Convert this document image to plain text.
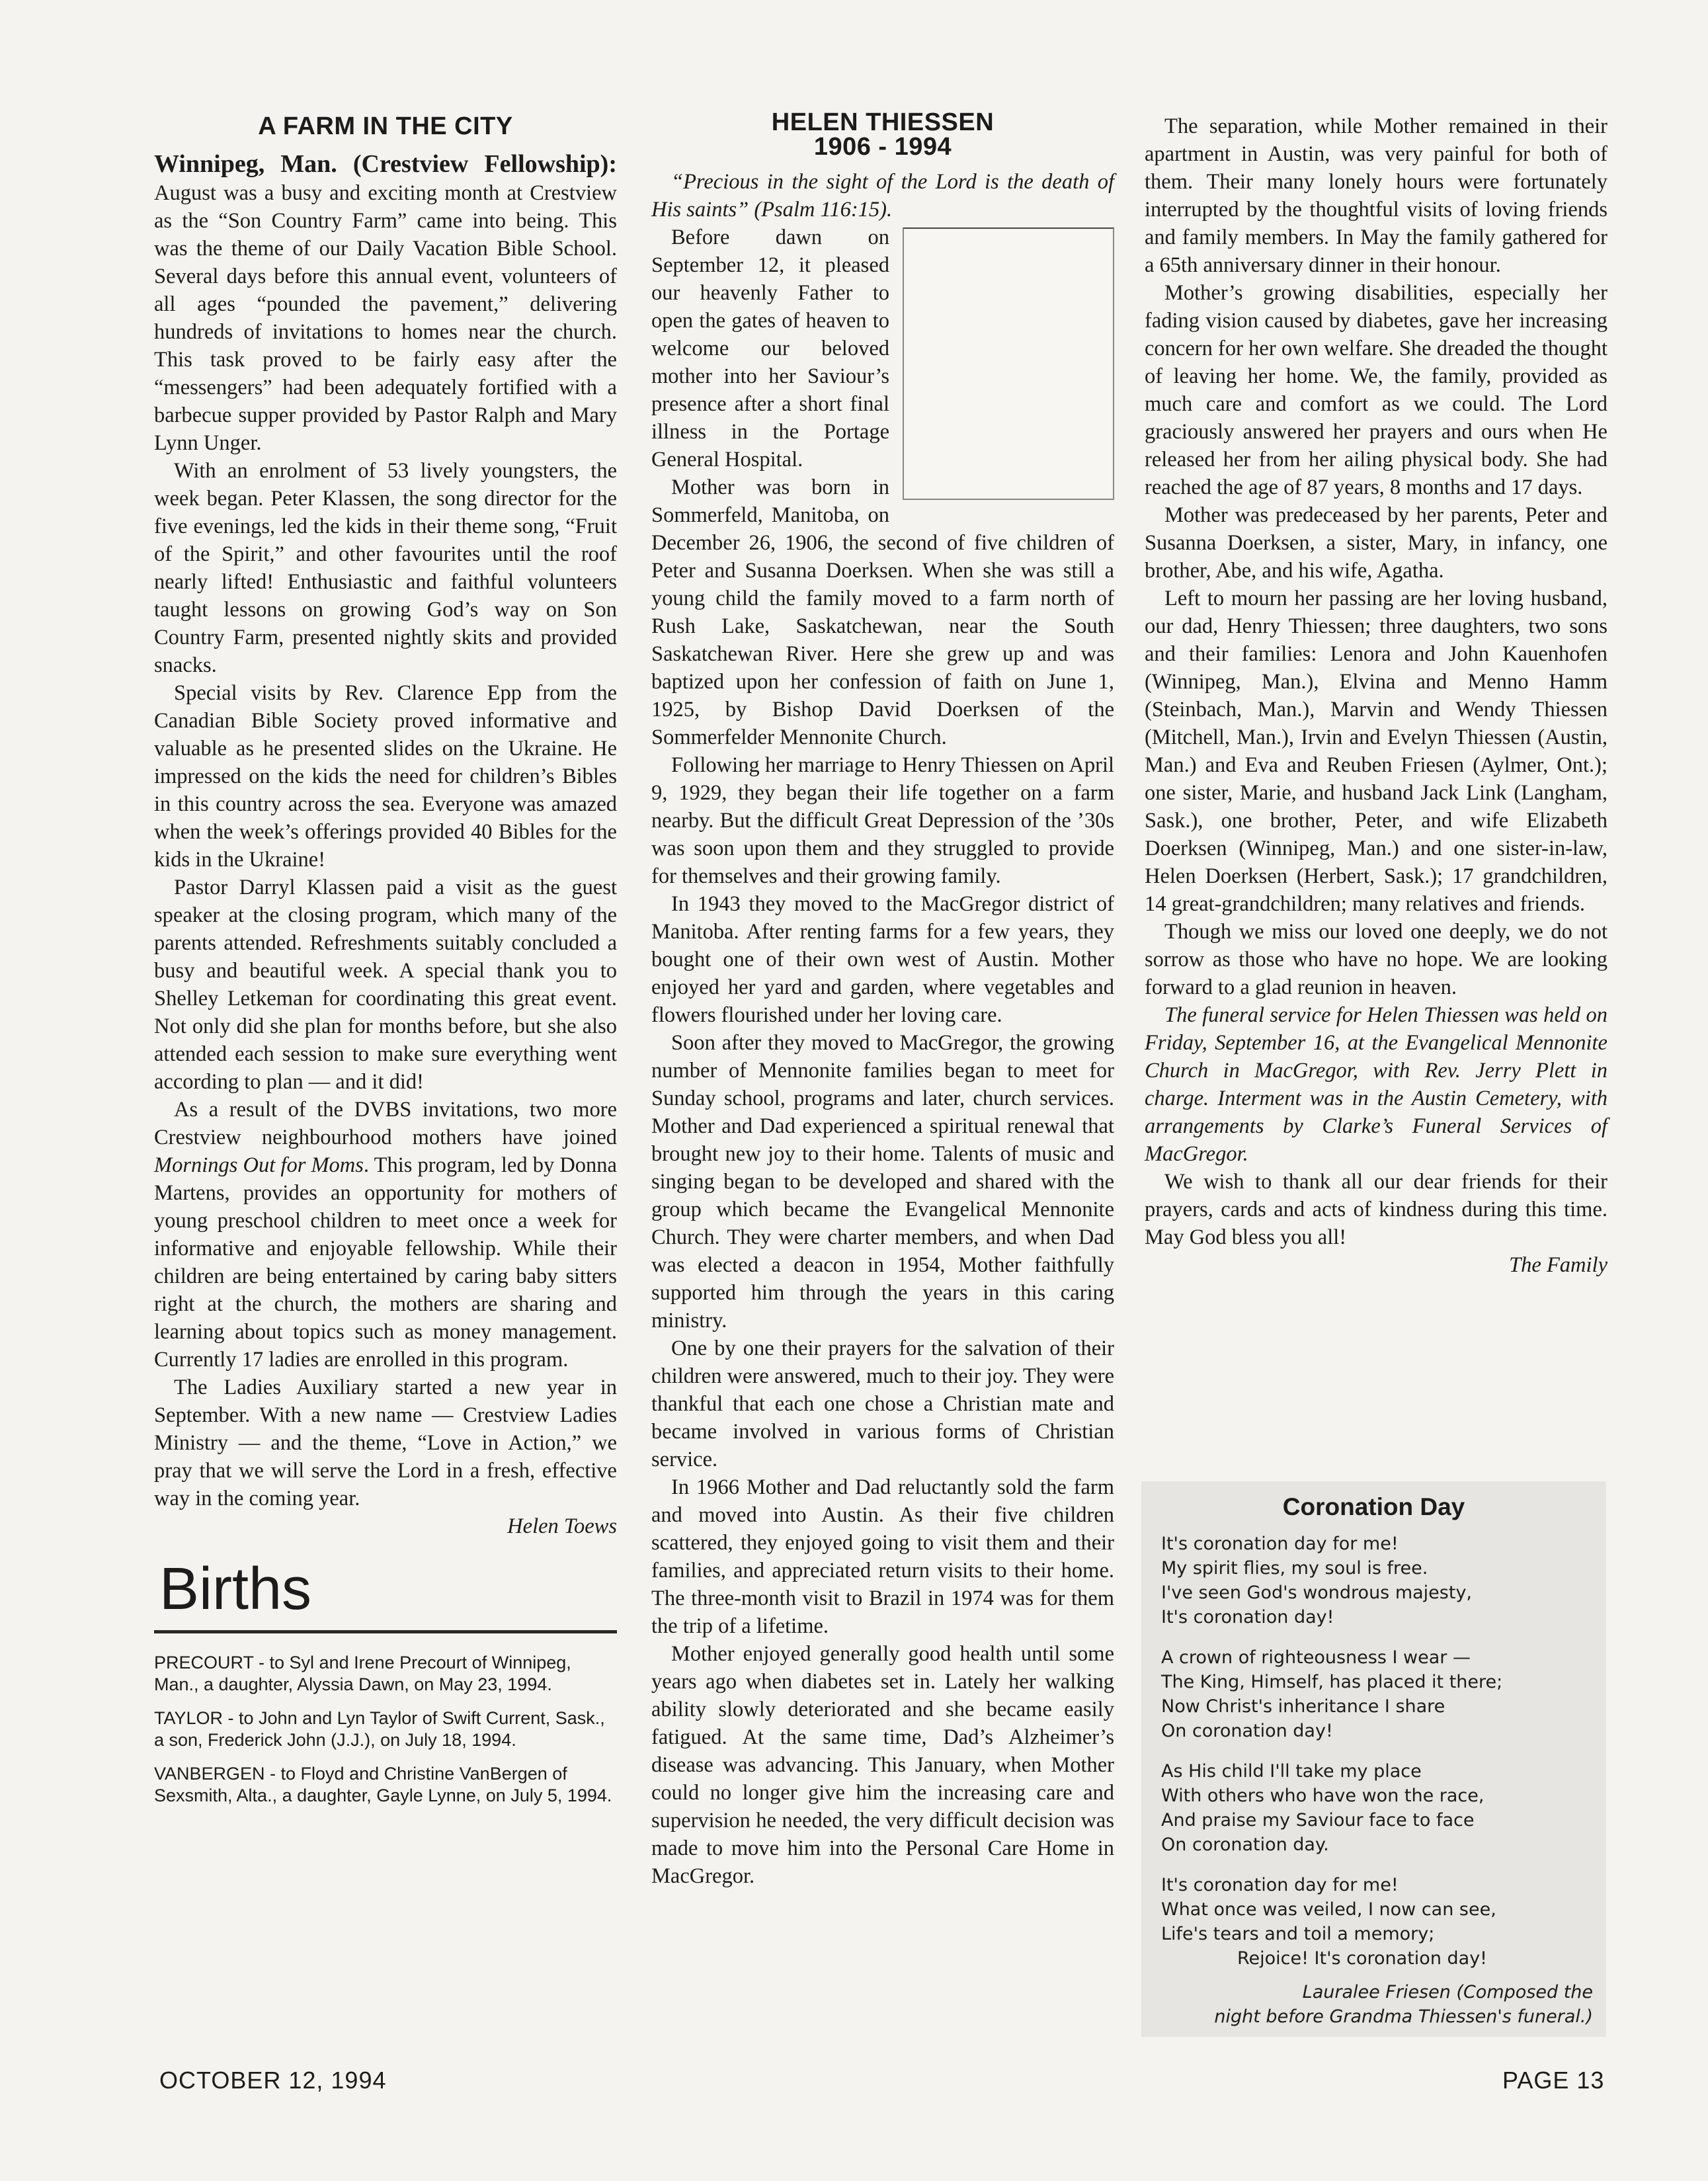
A FARM IN THE CITY

Winnipeg, Man. (Crestview Fellowship): August was a busy and exciting month at Crestview as the “Son Country Farm” came into being. This was the theme of our Daily Vacation Bible School. Several days before this annual event, volunteers of all ages “pounded the pavement,” delivering hundreds of invitations to homes near the church. This task proved to be fairly easy after the “messengers” had been adequately fortified with a barbecue supper provided by Pastor Ralph and Mary Lynn Unger.

With an enrolment of 53 lively youngsters, the week began. Peter Klassen, the song director for the five evenings, led the kids in their theme song, “Fruit of the Spirit,” and other favourites until the roof nearly lifted! Enthusiastic and faithful volunteers taught lessons on growing God’s way on Son Country Farm, presented nightly skits and provided snacks.

Special visits by Rev. Clarence Epp from the Canadian Bible Society proved informative and valuable as he presented slides on the Ukraine. He impressed on the kids the need for children’s Bibles in this country across the sea. Everyone was amazed when the week’s offerings provided 40 Bibles for the kids in the Ukraine!

Pastor Darryl Klassen paid a visit as the guest speaker at the closing program, which many of the parents attended. Refreshments suitably concluded a busy and beautiful week. A special thank you to Shelley Letkeman for coordinating this great event. Not only did she plan for months before, but she also attended each session to make sure everything went according to plan — and it did!

As a result of the DVBS invitations, two more Crestview neighbourhood mothers have joined Mornings Out for Moms. This program, led by Donna Martens, provides an opportunity for mothers of young preschool children to meet once a week for informative and enjoyable fellowship. While their children are being entertained by caring baby sitters right at the church, the mothers are sharing and learning about topics such as money management. Currently 17 ladies are enrolled in this program.

The Ladies Auxiliary started a new year in September. With a new name — Crestview Ladies Ministry — and the theme, “Love in Action,” we pray that we will serve the Lord in a fresh, effective way in the coming year.

Helen Toews

Births

PRECOURT - to Syl and Irene Precourt of Winnipeg, Man., a daughter, Alyssia Dawn, on May 23, 1994.

TAYLOR - to John and Lyn Taylor of Swift Current, Sask., a son, Frederick John (J.J.), on July 18, 1994.

VANBERGEN - to Floyd and Christine VanBergen of Sexsmith, Alta., a daughter, Gayle Lynne, on July 5, 1994.

HELEN THIESSEN
1906 - 1994

“Precious in the sight of the Lord is the death of His saints” (Psalm 116:15).

Before dawn on September 12, it pleased our heavenly Father to open the gates of heaven to welcome our beloved mother into her Saviour’s presence after a short final illness in the Portage General Hospital.

Mother was born in Sommerfeld, Manitoba, on December 26, 1906, the second of five children of Peter and Susanna Doerksen. When she was still a young child the family moved to a farm north of Rush Lake, Saskatchewan, near the South Saskatchewan River. Here she grew up and was baptized upon her confession of faith on June 1, 1925, by Bishop David Doerksen of the Sommerfelder Mennonite Church.

Following her marriage to Henry Thiessen on April 9, 1929, they began their life together on a farm nearby. But the difficult Great Depression of the ’30s was soon upon them and they struggled to provide for themselves and their growing family.

In 1943 they moved to the MacGregor district of Manitoba. After renting farms for a few years, they bought one of their own west of Austin. Mother enjoyed her yard and garden, where vegetables and flowers flourished under her loving care.

Soon after they moved to MacGregor, the growing number of Mennonite families began to meet for Sunday school, programs and later, church services. Mother and Dad experienced a spiritual renewal that brought new joy to their home. Talents of music and singing began to be developed and shared with the group which became the Evangelical Mennonite Church. They were charter members, and when Dad was elected a deacon in 1954, Mother faithfully supported him through the years in this caring ministry.

One by one their prayers for the salvation of their children were answered, much to their joy. They were thankful that each one chose a Christian mate and became involved in various forms of Christian service.

In 1966 Mother and Dad reluctantly sold the farm and moved into Austin. As their five children scattered, they enjoyed going to visit them and their families, and appreciated return visits to their home. The three-month visit to Brazil in 1974 was for them the trip of a lifetime.

Mother enjoyed generally good health until some years ago when diabetes set in. Lately her walking ability slowly deteriorated and she became easily fatigued. At the same time, Dad’s Alzheimer’s disease was advancing. This January, when Mother could no longer give him the increasing care and supervision he needed, the very difficult decision was made to move him into the Personal Care Home in MacGregor.

The separation, while Mother remained in their apartment in Austin, was very painful for both of them. Their many lonely hours were fortunately interrupted by the thoughtful visits of loving friends and family members. In May the family gathered for a 65th anniversary dinner in their honour.

Mother’s growing disabilities, especially her fading vision caused by diabetes, gave her increasing concern for her own welfare. She dreaded the thought of leaving her home. We, the family, provided as much care and comfort as we could. The Lord graciously answered her prayers and ours when He released her from her ailing physical body. She had reached the age of 87 years, 8 months and 17 days.

Mother was predeceased by her parents, Peter and Susanna Doerksen, a sister, Mary, in infancy, one brother, Abe, and his wife, Agatha.

Left to mourn her passing are her loving husband, our dad, Henry Thiessen; three daughters, two sons and their families: Lenora and John Kauenhofen (Winnipeg, Man.), Elvina and Menno Hamm (Steinbach, Man.), Marvin and Wendy Thiessen (Mitchell, Man.), Irvin and Evelyn Thiessen (Austin, Man.) and Eva and Reuben Friesen (Aylmer, Ont.); one sister, Marie, and husband Jack Link (Langham, Sask.), one brother, Peter, and wife Elizabeth Doerksen (Winnipeg, Man.) and one sister-in-law, Helen Doerksen (Herbert, Sask.); 17 grandchildren, 14 great-grandchildren; many relatives and friends.

Though we miss our loved one deeply, we do not sorrow as those who have no hope. We are looking forward to a glad reunion in heaven.

The funeral service for Helen Thiessen was held on Friday, September 16, at the Evangelical Mennonite Church in MacGregor, with Rev. Jerry Plett in charge. Interment was in the Austin Cemetery, with arrangements by Clarke’s Funeral Services of MacGregor.

We wish to thank all our dear friends for their prayers, cards and acts of kindness during this time. May God bless you all!

The Family

Coronation Day
It's coronation day for me!
My spirit flies, my soul is free.
I've seen God's wondrous majesty,
It's coronation day!
A crown of righteousness I wear —
The King, Himself, has placed it there;
Now Christ's inheritance I share
On coronation day!
As His child I'll take my place
With others who have won the race,
And praise my Saviour face to face
On coronation day.
It's coronation day for me!
What once was veiled, I now can see,
Life's tears and toil a memory;
Rejoice! It's coronation day!
Lauralee Friesen (Composed the
night before Grandma Thiessen's funeral.)
OCTOBER 12, 1994	PAGE 13
